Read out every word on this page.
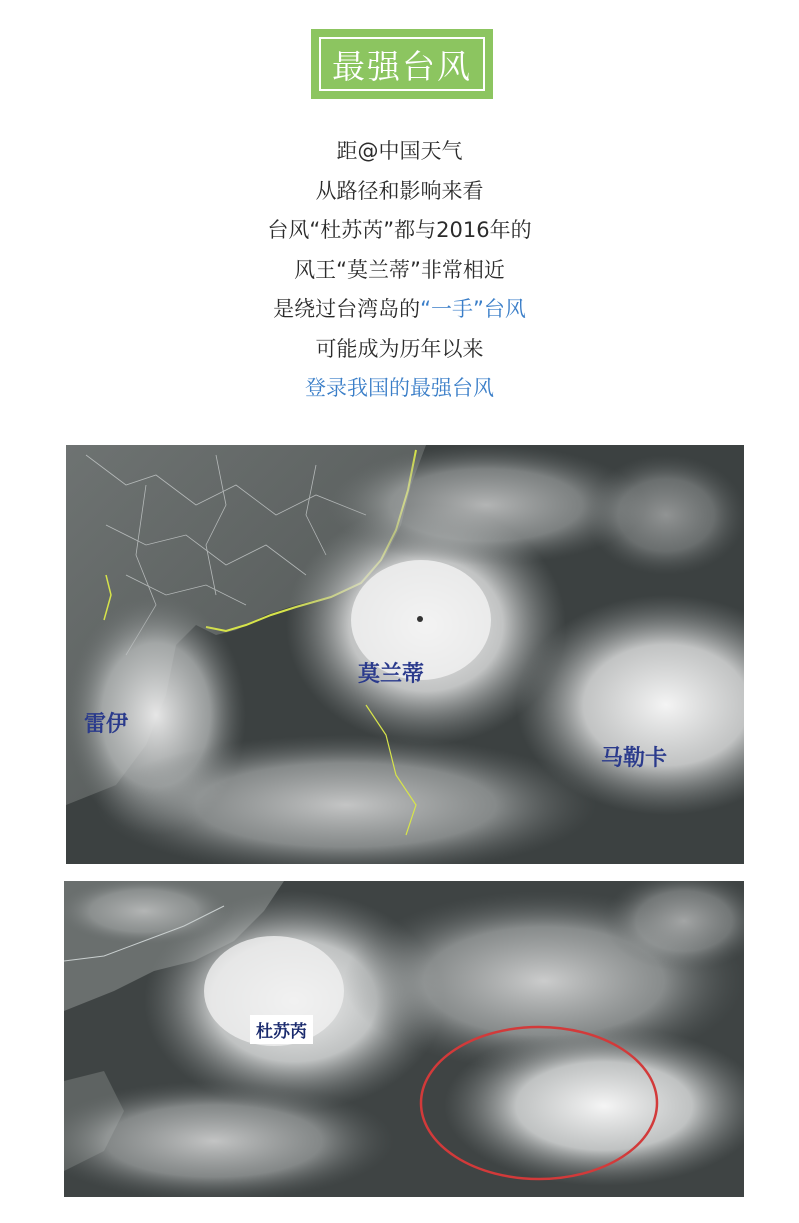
最强台风
距@中国天气
从路径和影响来看
台风“杜苏芮”都与2016年的
风王“莫兰蒂”非常相近
是绕过台湾岛的“一手”台风
可能成为历年以来
登录我国的最强台风
雷伊
莫兰蒂
马勒卡
杜苏芮
